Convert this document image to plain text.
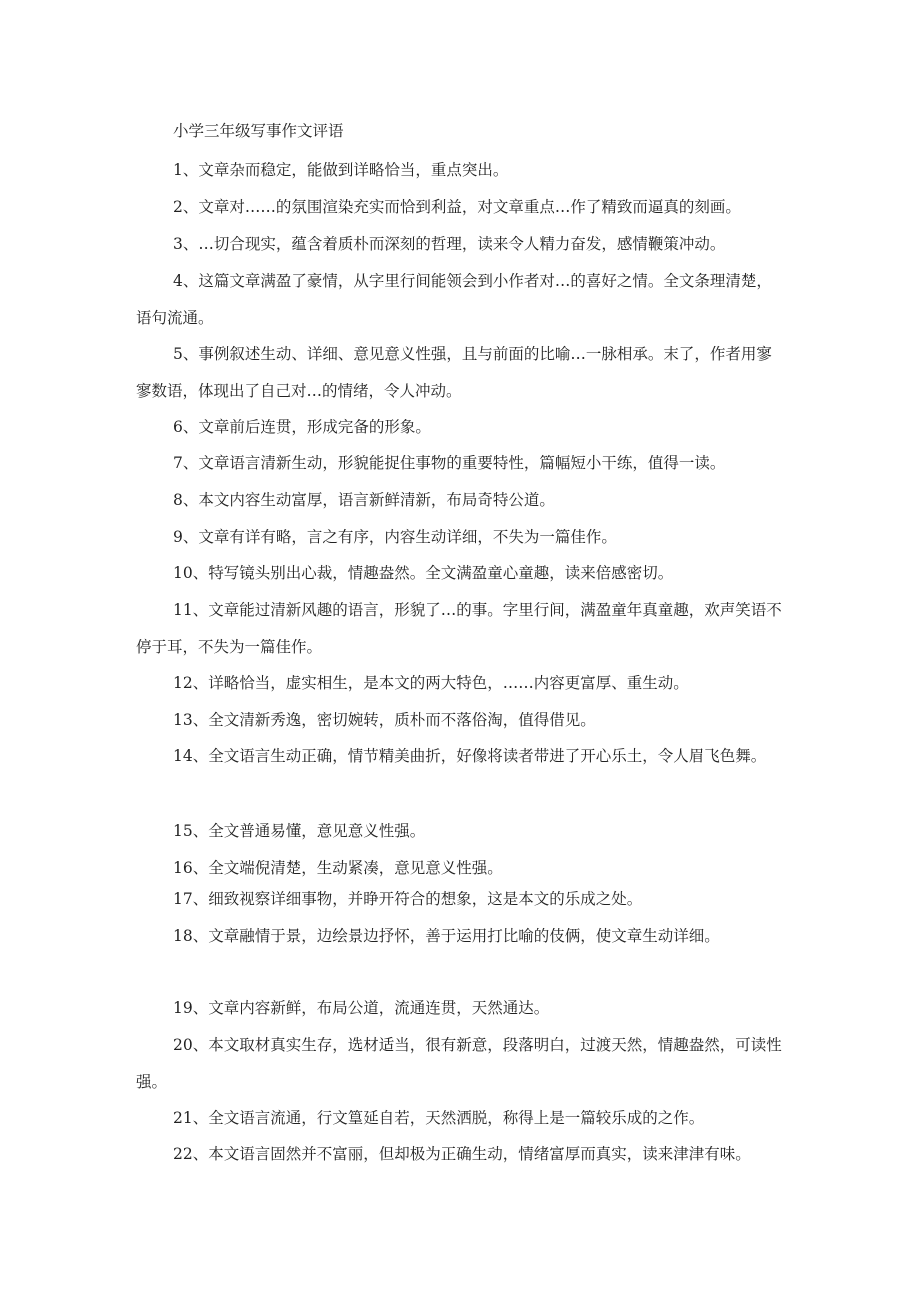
小学三年级写事作文评语

1、文章杂而稳定，能做到详略恰当，重点突出。

2、文章对……的氛围渲染充实而恰到利益，对文章重点…作了精致而逼真的刻画。

3、…切合现实，蕴含着质朴而深刻的哲理，读来令人精力奋发，感情鞭策冲动。

4、这篇文章满盈了豪情，从字里行间能领会到小作者对…的喜好之情。全文条理清楚，语句流通。

5、事例叙述生动、详细、意见意义性强，且与前面的比喻…一脉相承。末了，作者用寥寥数语，体现出了自己对…的情绪，令人冲动。

6、文章前后连贯，形成完备的形象。

7、文章语言清新生动，形貌能捉住事物的重要特性，篇幅短小干练，值得一读。

8、本文内容生动富厚，语言新鲜清新，布局奇特公道。

9、文章有详有略，言之有序，内容生动详细，不失为一篇佳作。

10、特写镜头别出心裁，情趣盎然。全文满盈童心童趣，读来倍感密切。

11、文章能过清新风趣的语言，形貌了…的事。字里行间，满盈童年真童趣，欢声笑语不停于耳，不失为一篇佳作。

12、详略恰当，虚实相生，是本文的两大特色，……内容更富厚、重生动。

13、全文清新秀逸，密切婉转，质朴而不落俗淘，值得借见。

14、全文语言生动正确，情节精美曲折，好像将读者带进了开心乐土，令人眉飞色舞。

15、全文普通易懂，意见意义性强。

16、全文端倪清楚，生动紧凑，意见意义性强。

17、细致视察详细事物，并睁开符合的想象，这是本文的乐成之处。

18、文章融情于景，边绘景边抒怀，善于运用打比喻的伎俩，使文章生动详细。

19、文章内容新鲜，布局公道，流通连贯，天然通达。

20、本文取材真实生存，选材适当，很有新意，段落明白，过渡天然，情趣盎然，可读性强。

21、全文语言流通，行文篁延自若，天然洒脱，称得上是一篇较乐成的之作。

22、本文语言固然并不富丽，但却极为正确生动，情绪富厚而真实，读来津津有味。
